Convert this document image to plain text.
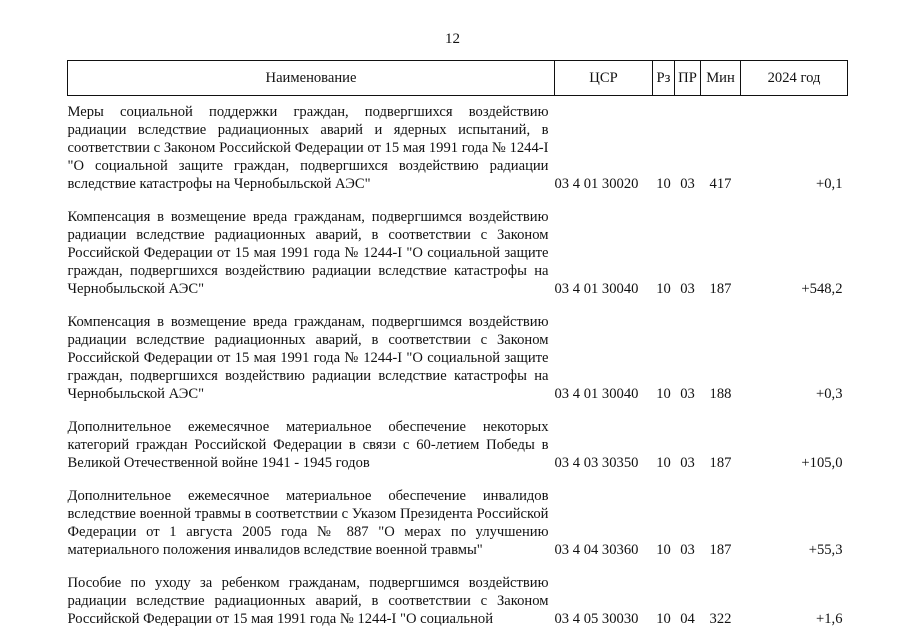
12
Наименование	ЦСР	Рз	ПР	Мин	2024 год
Меры социальной поддержки граждан, подвергшихся воздействию радиации вследствие радиационных аварий и ядерных испытаний, в соответствии с Законом Российской Федерации от 15 мая 1991 года № 1244-I "О социальной защите граждан, подвергшихся воздействию радиации вследствие катастрофы на Чернобыльской АЭС"	03 4 01 30020	10	03	417	+0,1
Компенсация в возмещение вреда гражданам, подвергшимся воздействию радиации вследствие радиационных аварий, в соответствии с Законом Российской Федерации от 15 мая 1991 года № 1244-I "О социальной защите граждан, подвергшихся воздействию радиации вследствие катастрофы на Чернобыльской АЭС"	03 4 01 30040	10	03	187	+548,2
Компенсация в возмещение вреда гражданам, подвергшимся воздействию радиации вследствие радиационных аварий, в соответствии с Законом Российской Федерации от 15 мая 1991 года № 1244-I "О социальной защите граждан, подвергшихся воздействию радиации вследствие катастрофы на Чернобыльской АЭС"	03 4 01 30040	10	03	188	+0,3
Дополнительное ежемесячное материальное обеспечение некоторых категорий граждан Российской Федерации в связи с 60-летием Победы в Великой Отечественной войне 1941 - 1945 годов	03 4 03 30350	10	03	187	+105,0
Дополнительное ежемесячное материальное обеспечение инвалидов вследствие военной травмы в соответствии с Указом Президента Российской Федерации от 1 августа 2005 года № 887 "О мерах по улучшению материального положения инвалидов вследствие военной травмы"	03 4 04 30360	10	03	187	+55,3
Пособие по уходу за ребенком гражданам, подвергшимся воздействию радиации вследствие радиационных аварий, в соответствии с Законом Российской Федерации от 15 мая 1991 года № 1244-I "О социальной	03 4 05 30030	10	04	322	+1,6
